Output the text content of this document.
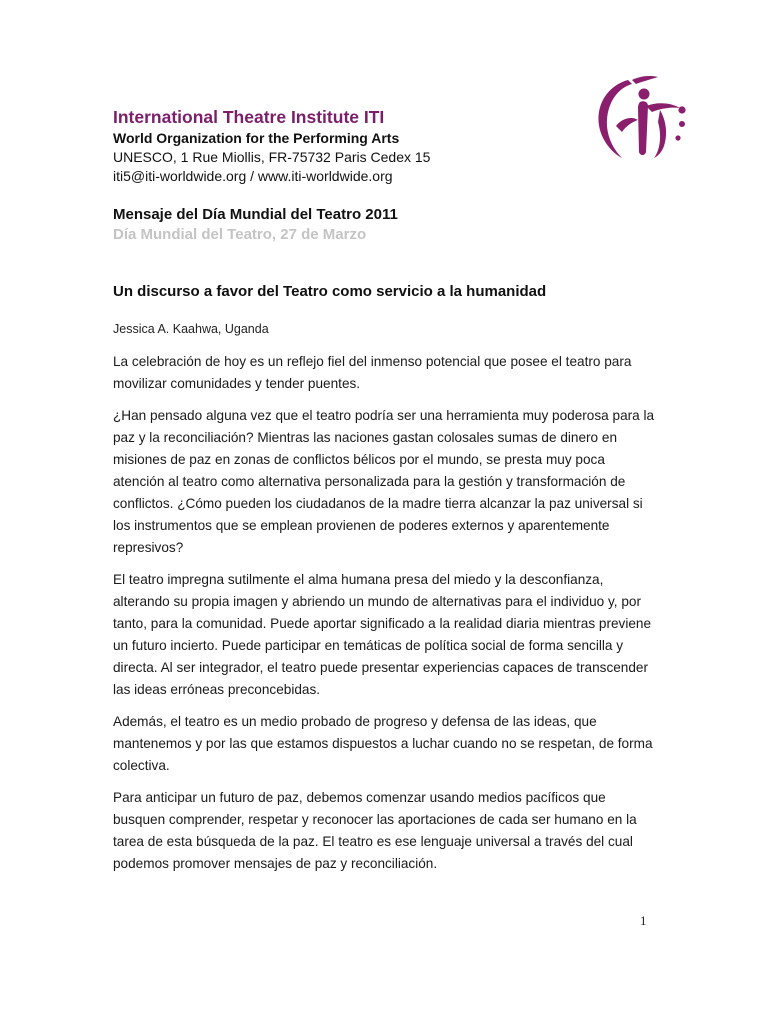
International Theatre Institute ITI

World Organization for the Performing Arts

UNESCO, 1 Rue Miollis, FR-75732 Paris Cedex 15

iti5@iti-worldwide.org / www.iti-worldwide.org

Mensaje del Día Mundial del Teatro 2011

Día Mundial del Teatro, 27 de Marzo

Un discurso a favor del Teatro como servicio a la humanidad

Jessica A. Kaahwa, Uganda

La celebración de hoy es un reflejo fiel del inmenso potencial que posee el teatro para movilizar comunidades y tender puentes.

¿Han pensado alguna vez que el teatro podría ser una herramienta muy poderosa para la paz y la reconciliación? Mientras las naciones gastan colosales sumas de dinero en misiones de paz en zonas de conflictos bélicos por el mundo, se presta muy poca atención al teatro como alternativa personalizada para la gestión y transformación de conflictos. ¿Cómo pueden los ciudadanos de la madre tierra alcanzar la paz universal si los instrumentos que se emplean provienen de poderes externos y aparentemente represivos?

El teatro impregna sutilmente el alma humana presa del miedo y la desconfianza, alterando su propia imagen y abriendo un mundo de alternativas para el individuo y, por tanto, para la comunidad. Puede aportar significado a la realidad diaria mientras previene un futuro incierto. Puede participar en temáticas de política social de forma sencilla y directa. Al ser integrador, el teatro puede presentar experiencias capaces de transcender las ideas erróneas preconcebidas.

Además, el teatro es un medio probado de progreso y defensa de las ideas, que mantenemos y por las que estamos dispuestos a luchar cuando no se respetan, de forma colectiva.

Para anticipar un futuro de paz, debemos comenzar usando medios pacíficos que busquen comprender, respetar y reconocer las aportaciones de cada ser humano en la tarea de esta búsqueda de la paz. El teatro es ese lenguaje universal a través del cual podemos promover mensajes de paz y reconciliación.

1
